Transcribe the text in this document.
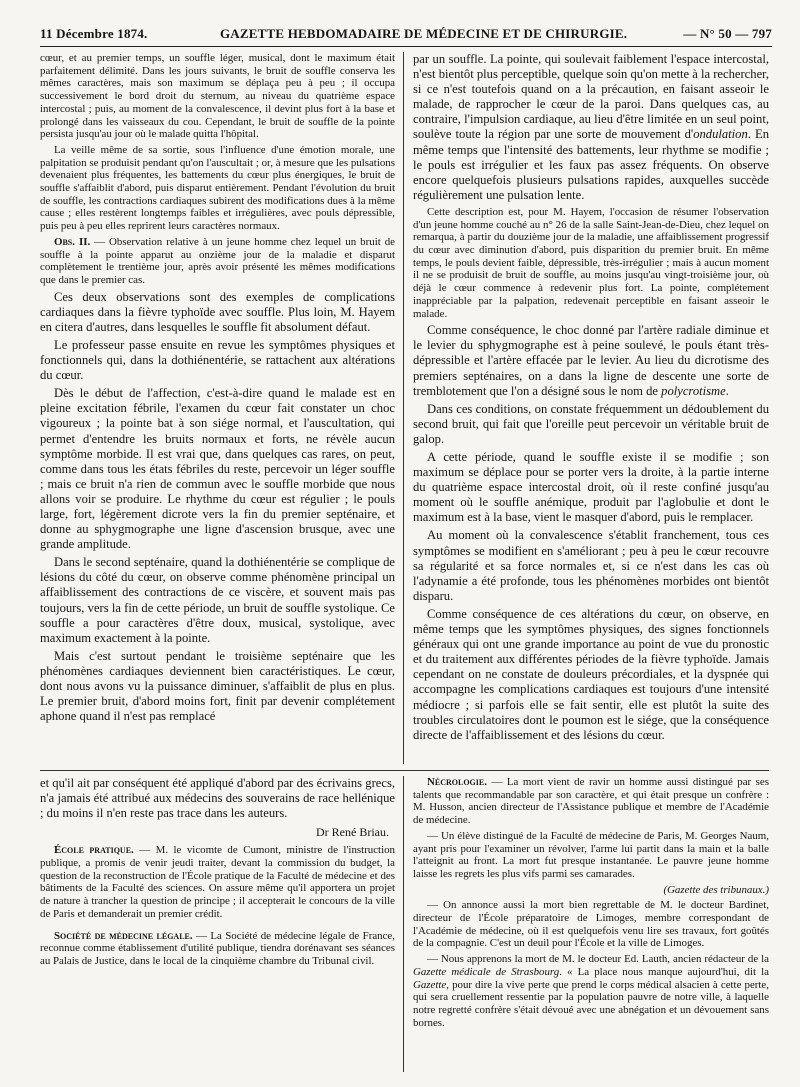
11 Décembre 1874.	GAZETTE HEBDOMADAIRE DE MÉDECINE ET DE CHIRURGIE.	— N° 50 — 797

cœur, et au premier temps, un souffle léger, musical, dont le maximum était parfaitement délimité. Dans les jours suivants, le bruit de souffle conserva les mêmes caractères, mais son maximum se déplaça peu à peu ; il occupa successivement le bord droit du sternum, au niveau du quatrième espace intercostal ; puis, au moment de la convalescence, il devint plus fort à la base et prolongé dans les vaisseaux du cou. Cependant, le bruit de souffle de la pointe persista jusqu'au jour où le malade quitta l'hôpital.

La veille même de sa sortie, sous l'influence d'une émotion morale, une palpitation se produisit pendant qu'on l'auscultait ; or, à mesure que les pulsations devenaient plus fréquentes, les battements du cœur plus énergiques, le bruit de souffle s'affaiblit d'abord, puis disparut entièrement. Pendant l'évolution du bruit de souffle, les contractions cardiaques subirent des modifications dues à la même cause ; elles restèrent longtemps faibles et irrégulières, avec pouls dépressible, puis peu à peu elles reprirent leurs caractères normaux.

Obs. II. — Observation relative à un jeune homme chez lequel un bruit de souffle à la pointe apparut au onzième jour de la maladie et disparut complètement le trentième jour, après avoir présenté les mêmes modifications que dans le premier cas.

Ces deux observations sont des exemples de complications cardiaques dans la fièvre typhoïde avec souffle. Plus loin, M. Hayem en citera d'autres, dans lesquelles le souffle fit absolument défaut.

Le professeur passe ensuite en revue les symptômes physiques et fonctionnels qui, dans la dothiénentérie, se rattachent aux altérations du cœur.

Dès le début de l'affection, c'est-à-dire quand le malade est en pleine excitation fébrile, l'examen du cœur fait constater un choc vigoureux ; la pointe bat à son siége normal, et l'auscultation, qui permet d'entendre les bruits normaux et forts, ne révèle aucun symptôme morbide. Il est vrai que, dans quelques cas rares, on peut, comme dans tous les états fébriles du reste, percevoir un léger souffle ; mais ce bruit n'a rien de commun avec le souffle morbide que nous allons voir se produire. Le rhythme du cœur est régulier ; le pouls large, fort, légèrement dicrote vers la fin du premier septénaire, et donne au sphygmographe une ligne d'ascension brusque, avec une grande amplitude.

Dans le second septénaire, quand la dothiénentérie se complique de lésions du côté du cœur, on observe comme phénomène principal un affaiblissement des contractions de ce viscère, et souvent mais pas toujours, vers la fin de cette période, un bruit de souffle systolique. Ce souffle a pour caractères d'être doux, musical, systolique, avec maximum exactement à la pointe.

Mais c'est surtout pendant le troisième septénaire que les phénomènes cardiaques deviennent bien caractéristiques. Le cœur, dont nous avons vu la puissance diminuer, s'affaiblit de plus en plus. Le premier bruit, d'abord moins fort, finit par devenir complétement aphone quand il n'est pas remplacé

par un souffle. La pointe, qui soulevait faiblement l'espace intercostal, n'est bientôt plus perceptible, quelque soin qu'on mette à la rechercher, si ce n'est toutefois quand on a la précaution, en faisant asseoir le malade, de rapprocher le cœur de la paroi. Dans quelques cas, au contraire, l'impulsion cardiaque, au lieu d'être limitée en un seul point, soulève toute la région par une sorte de mouvement d'ondulation. En même temps que l'intensité des battements, leur rhythme se modifie ; le pouls est irrégulier et les faux pas assez fréquents. On observe encore quelquefois plusieurs pulsations rapides, auxquelles succède régulièrement une pulsation lente.

Cette description est, pour M. Hayem, l'occasion de résumer l'observation d'un jeune homme couché au n° 26 de la salle Saint-Jean-de-Dieu, chez lequel on remarqua, à partir du douzième jour de la maladie, une affaiblissement progressif du cœur avec diminution d'abord, puis disparition du premier bruit. En même temps, le pouls devient faible, dépressible, très-irrégulier ; mais à aucun moment il ne se produisit de bruit de souffle, au moins jusqu'au vingt-troisième jour, où déjà le cœur commence à redevenir plus fort. La pointe, complétement inappréciable par la palpation, redevenait perceptible en faisant asseoir le malade.

Comme conséquence, le choc donné par l'artère radiale diminue et le levier du sphygmographe est à peine soulevé, le pouls étant très-dépressible et l'artère effacée par le levier. Au lieu du dicrotisme des premiers septénaires, on a dans la ligne de descente une sorte de tremblotement que l'on a désigné sous le nom de polycrotisme.

Dans ces conditions, on constate fréquemment un dédoublement du second bruit, qui fait que l'oreille peut percevoir un véritable bruit de galop.

A cette période, quand le souffle existe il se modifie ; son maximum se déplace pour se porter vers la droite, à la partie interne du quatrième espace intercostal droit, où il reste confiné jusqu'au moment où le souffle anémique, produit par l'aglobulie et dont le maximum est à la base, vient le masquer d'abord, puis le remplacer.

Au moment où la convalescence s'établit franchement, tous ces symptômes se modifient en s'améliorant ; peu à peu le cœur recouvre sa régularité et sa force normales et, si ce n'est dans les cas où l'adynamie a été profonde, tous les phénomènes morbides ont bientôt disparu.

Comme conséquence de ces altérations du cœur, on observe, en même temps que les symptômes physiques, des signes fonctionnels généraux qui ont une grande importance au point de vue du pronostic et du traitement aux différentes périodes de la fièvre typhoïde. Jamais cependant on ne constate de douleurs précordiales, et la dyspnée qui accompagne les complications cardiaques est toujours d'une intensité médiocre ; si parfois elle se fait sentir, elle est plutôt la suite des troubles circulatoires dont le poumon est le siége, que la conséquence directe de l'affaiblissement et des lésions du cœur.

et qu'il ait par conséquent été appliqué d'abord par des écrivains grecs, n'a jamais été attribué aux médecins des souverains de race hellénique ; du moins il n'en reste pas trace dans les auteurs.

Dr René Briau.

École pratique. — M. le vicomte de Cumont, ministre de l'instruction publique, a promis de venir jeudi traiter, devant la commission du budget, la question de la reconstruction de l'École pratique de la Faculté de médecine et des bâtiments de la Faculté des sciences. On assure même qu'il apportera un projet de nature à trancher la question de principe ; il accepterait le concours de la ville de Paris et demanderait un premier crédit.

Société de médecine légale. — La Société de médecine légale de France, reconnue comme établissement d'utilité publique, tiendra dorénavant ses séances au Palais de Justice, dans le local de la cinquième chambre du Tribunal civil.

Nécrologie. — La mort vient de ravir un homme aussi distingué par ses talents que recommandable par son caractère, et qui était presque un confrère : M. Husson, ancien directeur de l'Assistance publique et membre de l'Académie de médecine.

— Un élève distingué de la Faculté de médecine de Paris, M. Georges Naum, ayant pris pour l'examiner un révolver, l'arme lui partit dans la main et la balle l'atteignit au front. La mort fut presque instantanée. Le pauvre jeune homme laisse les regrets les plus vifs parmi ses camarades.

(Gazette des tribunaux.)

— On annonce aussi la mort bien regrettable de M. le docteur Bardinet, directeur de l'École préparatoire de Limoges, membre correspondant de l'Académie de médecine, où il est quelquefois venu lire ses travaux, fort goûtés de la compagnie. C'est un deuil pour l'École et la ville de Limoges.

— Nous apprenons la mort de M. le docteur Ed. Lauth, ancien rédacteur de la Gazette médicale de Strasbourg. « La place nous manque aujourd'hui, dit la Gazette, pour dire la vive perte que prend le corps médical alsacien à cette perte, qui sera cruellement ressentie par la population pauvre de notre ville, à laquelle notre regretté confrère s'était dévoué avec une abnégation et un dévouement sans bornes.
